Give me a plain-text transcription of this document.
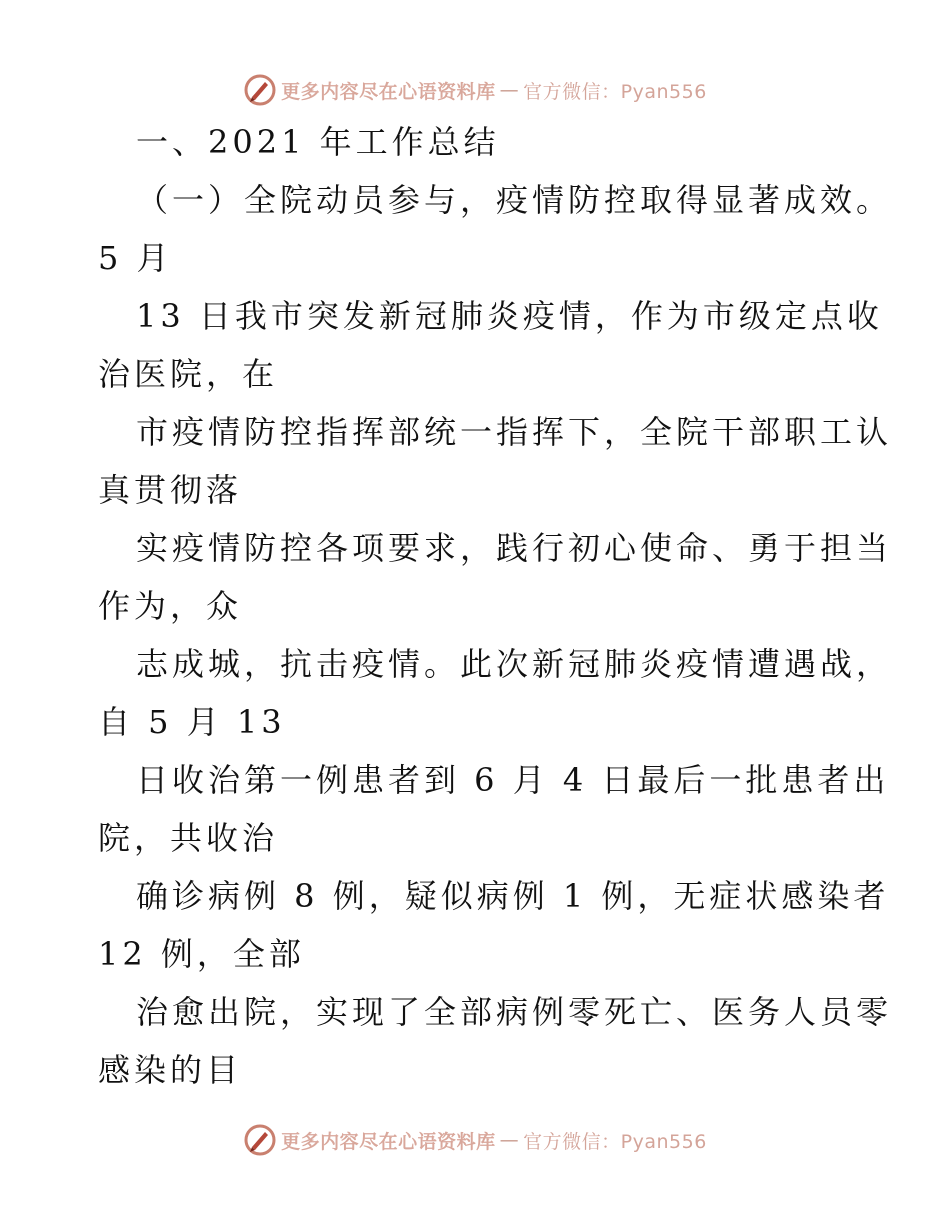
更多内容尽在心语资料库 — 官方微信：Pyan556
一、2021 年工作总结
（一）全院动员参与，疫情防控取得显著成效。
5 月
13 日我市突发新冠肺炎疫情，作为市级定点收
治医院，在
市疫情防控指挥部统一指挥下，全院干部职工认
真贯彻落
实疫情防控各项要求，践行初心使命、勇于担当
作为，众
志成城，抗击疫情。此次新冠肺炎疫情遭遇战，
自 5 月 13
日收治第一例患者到 6 月 4 日最后一批患者出
院，共收治
确诊病例 8 例，疑似病例 1 例，无症状感染者
12 例，全部
治愈出院，实现了全部病例零死亡、医务人员零
感染的目
更多内容尽在心语资料库 — 官方微信：Pyan556
